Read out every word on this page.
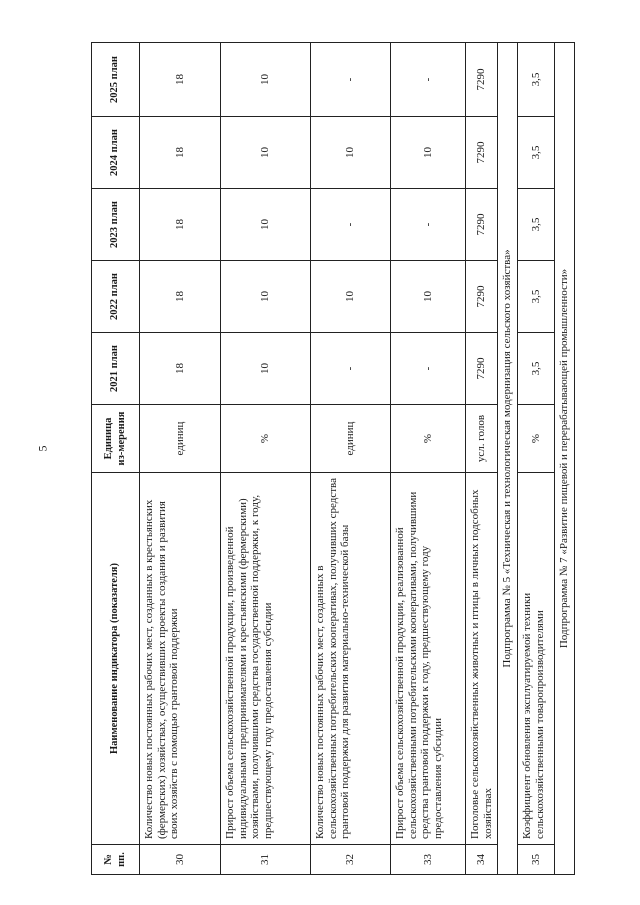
5
№ пп.	Наименование индикатора (показателя)	Единица из-мерения	2021 план	2022 план	2023 план	2024 план	2025 план
30	Количество новых постоянных рабочих мест, созданных в крестьянских (фермерских) хозяйствах, осуществивших проекты создания и развития своих хозяйств с помощью грантовой поддержки	единиц	18	18	18	18	18
31	Прирост объема сельскохозяйственной продукции, произведенной индивидуальными предпринимателями и крестьянскими (фермерскими) хозяйствами, получившими средства государственной поддержки, к году, предшествующему году предоставления субсидии	%	10	10	10	10	10
32	Количество новых постоянных рабочих мест, созданных в сельскохозяйственных потребительских кооперативах, получивших средства грантовой поддержки для развития материально-технической базы	единиц	-	10	-	10	-
33	Прирост объема сельскохозяйственной продукции, реализованной сельскохозяйственными потребительскими кооперативами, получившими средства грантовой поддержки к году, предшествующему году предоставления субсидии	%	-	10	-	10	-
34	Поголовье сельскохозяйственных животных и птицы в личных подсобных хозяйствах	усл. голов	7290	7290	7290	7290	7290
Подпрограмма № 5 «Техническая и технологическая модернизация сельского хозяйства»							
35	Коэффициент обновления эксплуатируемой техники сельскохозяйственными товаропроизводителями	%	3,5	3,5	3,5	3,5	3,5
Подпрограмма № 7 «Развитие пищевой и перерабатывающей промышленности»							
